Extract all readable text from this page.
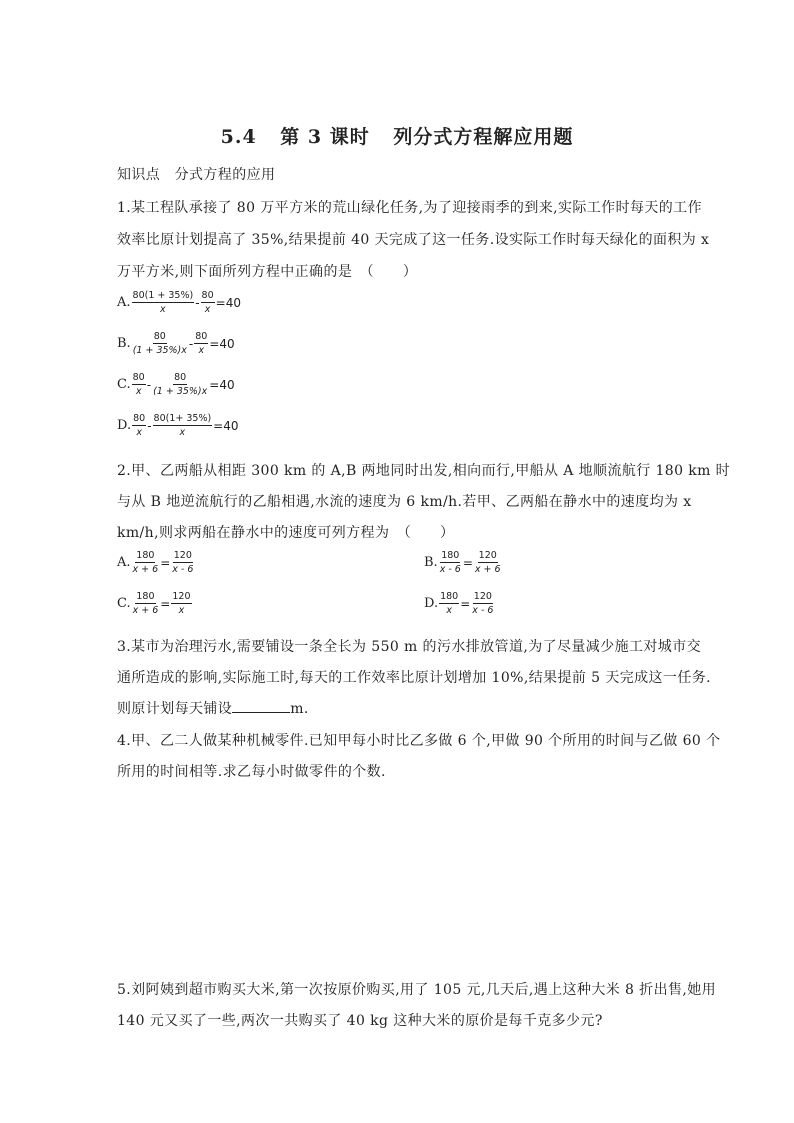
5.4 第 3 课时 列分式方程解应用题
知识点　分式方程的应用
1.某工程队承接了 80 万平方米的荒山绿化任务,为了迎接雨季的到来,实际工作时每天的工作
效率比原计划提高了 35%,结果提前 40 天完成了这一任务.设实际工作时每天绿化的面积为 x
万平方米,则下面所列方程中正确的是　（　　）
A. $\frac{80(1 + 35\%)}{x} - \frac{80}{x} =40$
B. $\frac{80}{(1 + 35\%)x} - \frac{80}{x} =40$
C. $\frac{80}{x} - \frac{80}{(1 + 35\%)x} =40$
D. $\frac{80}{x} - \frac{80(1+ 35\%)}{x} =40$
2.甲、乙两船从相距 300 km 的 A,B 两地同时出发,相向而行,甲船从 A 地顺流航行 180 km 时
与从 B 地逆流航行的乙船相遇,水流的速度为 6 km/h.若甲、乙两船在静水中的速度均为 x
km/h,则求两船在静水中的速度可列方程为　（　　）
A. $\frac{180}{x + 6} = \frac{120}{x - 6}$	B. $\frac{180}{x - 6} = \frac{120}{x + 6}$
C. $\frac{180}{x + 6} = \frac{120}{x}$	D. $\frac{180}{x} = \frac{120}{x - 6}$
3.某市为治理污水,需要铺设一条全长为 550 m 的污水排放管道,为了尽量减少施工对城市交
通所造成的影响,实际施工时,每天的工作效率比原计划增加 10%,结果提前 5 天完成这一任务.
则原计划每天铺设	m.
4.甲、乙二人做某种机械零件.已知甲每小时比乙多做 6 个,甲做 90 个所用的时间与乙做 60 个
所用的时间相等.求乙每小时做零件的个数.
5.刘阿姨到超市购买大米,第一次按原价购买,用了 105 元,几天后,遇上这种大米 8 折出售,她用
140 元又买了一些,两次一共购买了 40 kg 这种大米的原价是每千克多少元?
